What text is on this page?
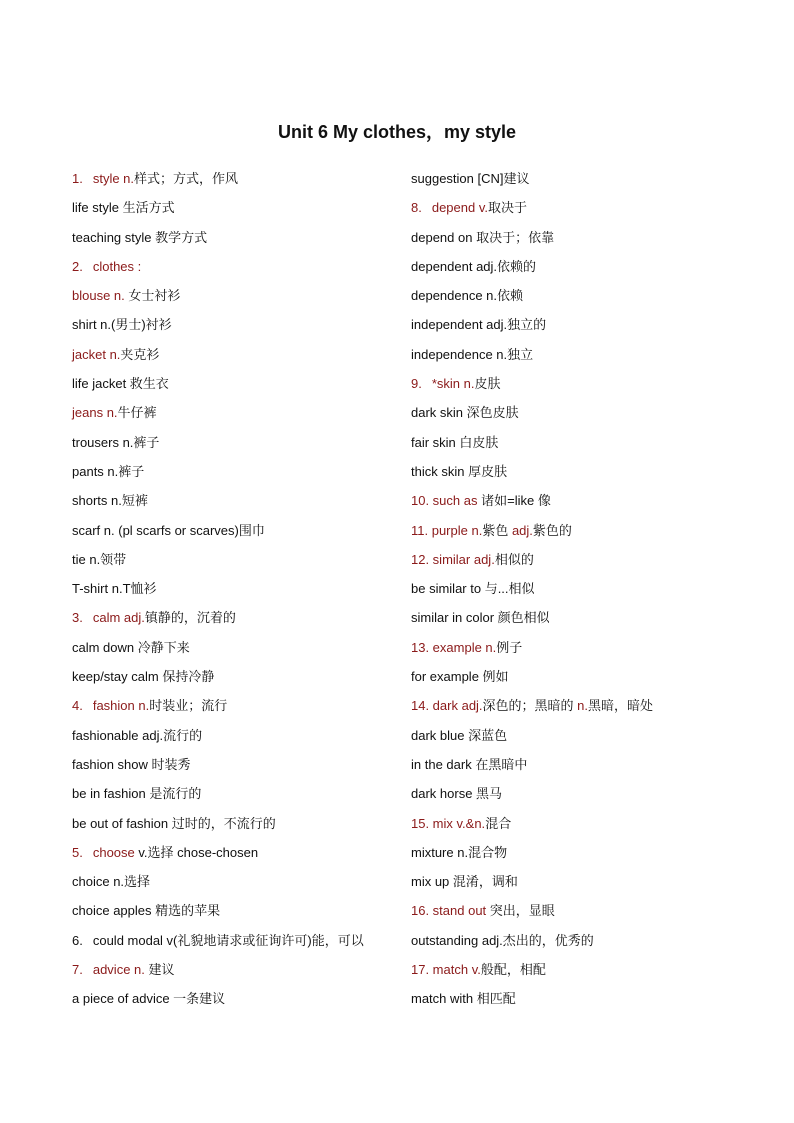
Unit 6 My clothes，my style
1. style n.样式；方式，作风
life style 生活方式
teaching style 教学方式
2. clothes :
blouse n. 女士衬衫
shirt n.(男士)衬衫
jacket n.夹克衫
life jacket 救生衣
jeans n.牛仔裤
trousers n.裤子
pants n.裤子
shorts n.短裤
scarf n. (pl scarfs or scarves)围巾
tie n.领带
T-shirt n.T恤衫
3. calm adj.镇静的，沉着的
calm down 冷静下来
keep/stay calm 保持冷静
4. fashion n.时装业；流行
fashionable adj.流行的
fashion show 时装秀
be in fashion 是流行的
be out of fashion 过时的，不流行的
5. choose v.选择 chose-chosen
choice n.选择
choice apples 精选的苹果
6. could modal v(礼貌地请求或征询许可)能，可以
7. advice n. 建议
a piece of advice 一条建议
suggestion [CN]建议
8. depend v.取决于
depend on 取决于；依靠
dependent adj.依赖的
dependence n.依赖
independent adj.独立的
independence n.独立
9. *skin n.皮肤
dark skin 深色皮肤
fair skin 白皮肤
thick skin 厚皮肤
10. such as 诸如=like 像
11. purple n.紫色 adj.紫色的
12. similar adj.相似的
be similar to 与...相似
similar in color 颜色相似
13. example n.例子
for example 例如
14. dark adj.深色的；黑暗的 n.黑暗，暗处
dark blue 深蓝色
in the dark 在黑暗中
dark horse 黑马
15. mix v.&n.混合
mixture n.混合物
mix up 混淆，调和
16. stand out 突出，显眼
outstanding adj.杰出的，优秀的
17. match v.般配，相配
match with 相匹配
